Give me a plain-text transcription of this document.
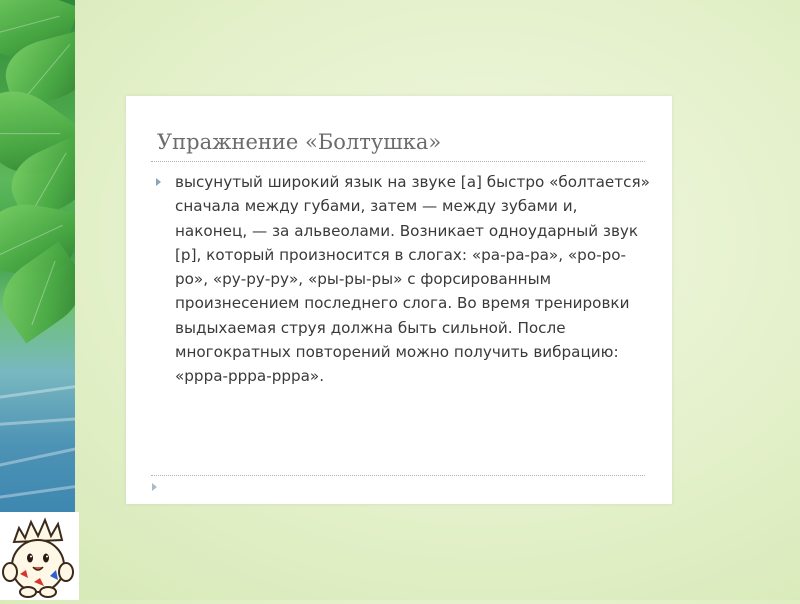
Упражнение «Болтушка»

высунутый широкий язык на звуке [а] быстро «болтается» сначала между губами, затем — между зубами и, наконец, — за альвеолами. Возникает одноударный звук [р], который произносится в слогах: «ра-ра-ра», «ро-ро-ро», «ру-ру-ру», «ры-ры-ры» с форсированным произнесением последнего слога. Во время тренировки выдыхаемая струя должна быть сильной. После многократных повторений можно получить вибрацию: «ррра-ррра-ррра».
